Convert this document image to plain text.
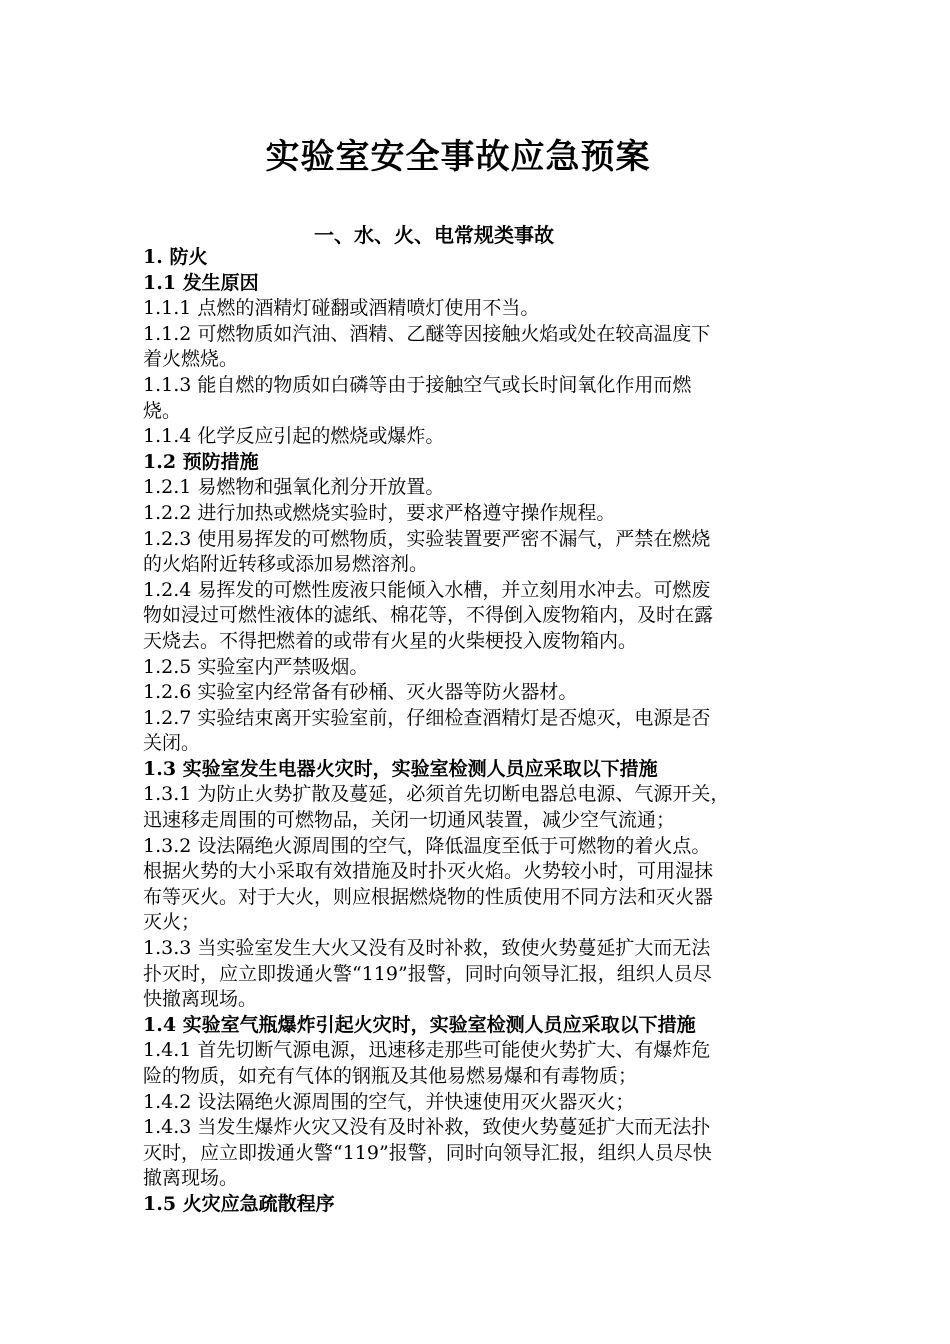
实验室安全事故应急预案
一、水、火、电常规类事故
1. 防火
1.1 发生原因
1.1.1 点燃的酒精灯碰翻或酒精喷灯使用不当。
1.1.2 可燃物质如汽油、酒精、乙醚等因接触火焰或处在较高温度下
着火燃烧。
1.1.3 能自燃的物质如白磷等由于接触空气或长时间氧化作用而燃
烧。
1.1.4 化学反应引起的燃烧或爆炸。
1.2 预防措施
1.2.1 易燃物和强氧化剂分开放置。
1.2.2 进行加热或燃烧实验时，要求严格遵守操作规程。
1.2.3 使用易挥发的可燃物质，实验装置要严密不漏气，严禁在燃烧
的火焰附近转移或添加易燃溶剂。
1.2.4 易挥发的可燃性废液只能倾入水槽，并立刻用水冲去。可燃废
物如浸过可燃性液体的滤纸、棉花等，不得倒入废物箱内，及时在露
天烧去。不得把燃着的或带有火星的火柴梗投入废物箱内。
1.2.5 实验室内严禁吸烟。
1.2.6 实验室内经常备有砂桶、灭火器等防火器材。
1.2.7 实验结束离开实验室前，仔细检查酒精灯是否熄灭，电源是否
关闭。
1.3 实验室发生电器火灾时，实验室检测人员应采取以下措施
1.3.1 为防止火势扩散及蔓延，必须首先切断电器总电源、气源开关，
迅速移走周围的可燃物品，关闭一切通风装置，减少空气流通；
1.3.2 设法隔绝火源周围的空气，降低温度至低于可燃物的着火点。
根据火势的大小采取有效措施及时扑灭火焰。火势较小时，可用湿抹
布等灭火。对于大火，则应根据燃烧物的性质使用不同方法和灭火器
灭火；
1.3.3 当实验室发生大火又没有及时补救，致使火势蔓延扩大而无法
扑灭时，应立即拨通火警“119”报警，同时向领导汇报，组织人员尽
快撤离现场。
1.4 实验室气瓶爆炸引起火灾时，实验室检测人员应采取以下措施
1.4.1 首先切断气源电源，迅速移走那些可能使火势扩大、有爆炸危
险的物质，如充有气体的钢瓶及其他易燃易爆和有毒物质；
1.4.2 设法隔绝火源周围的空气，并快速使用灭火器灭火；
1.4.3 当发生爆炸火灾又没有及时补救，致使火势蔓延扩大而无法扑
灭时，应立即拨通火警“119”报警，同时向领导汇报，组织人员尽快
撤离现场。
1.5 火灾应急疏散程序
